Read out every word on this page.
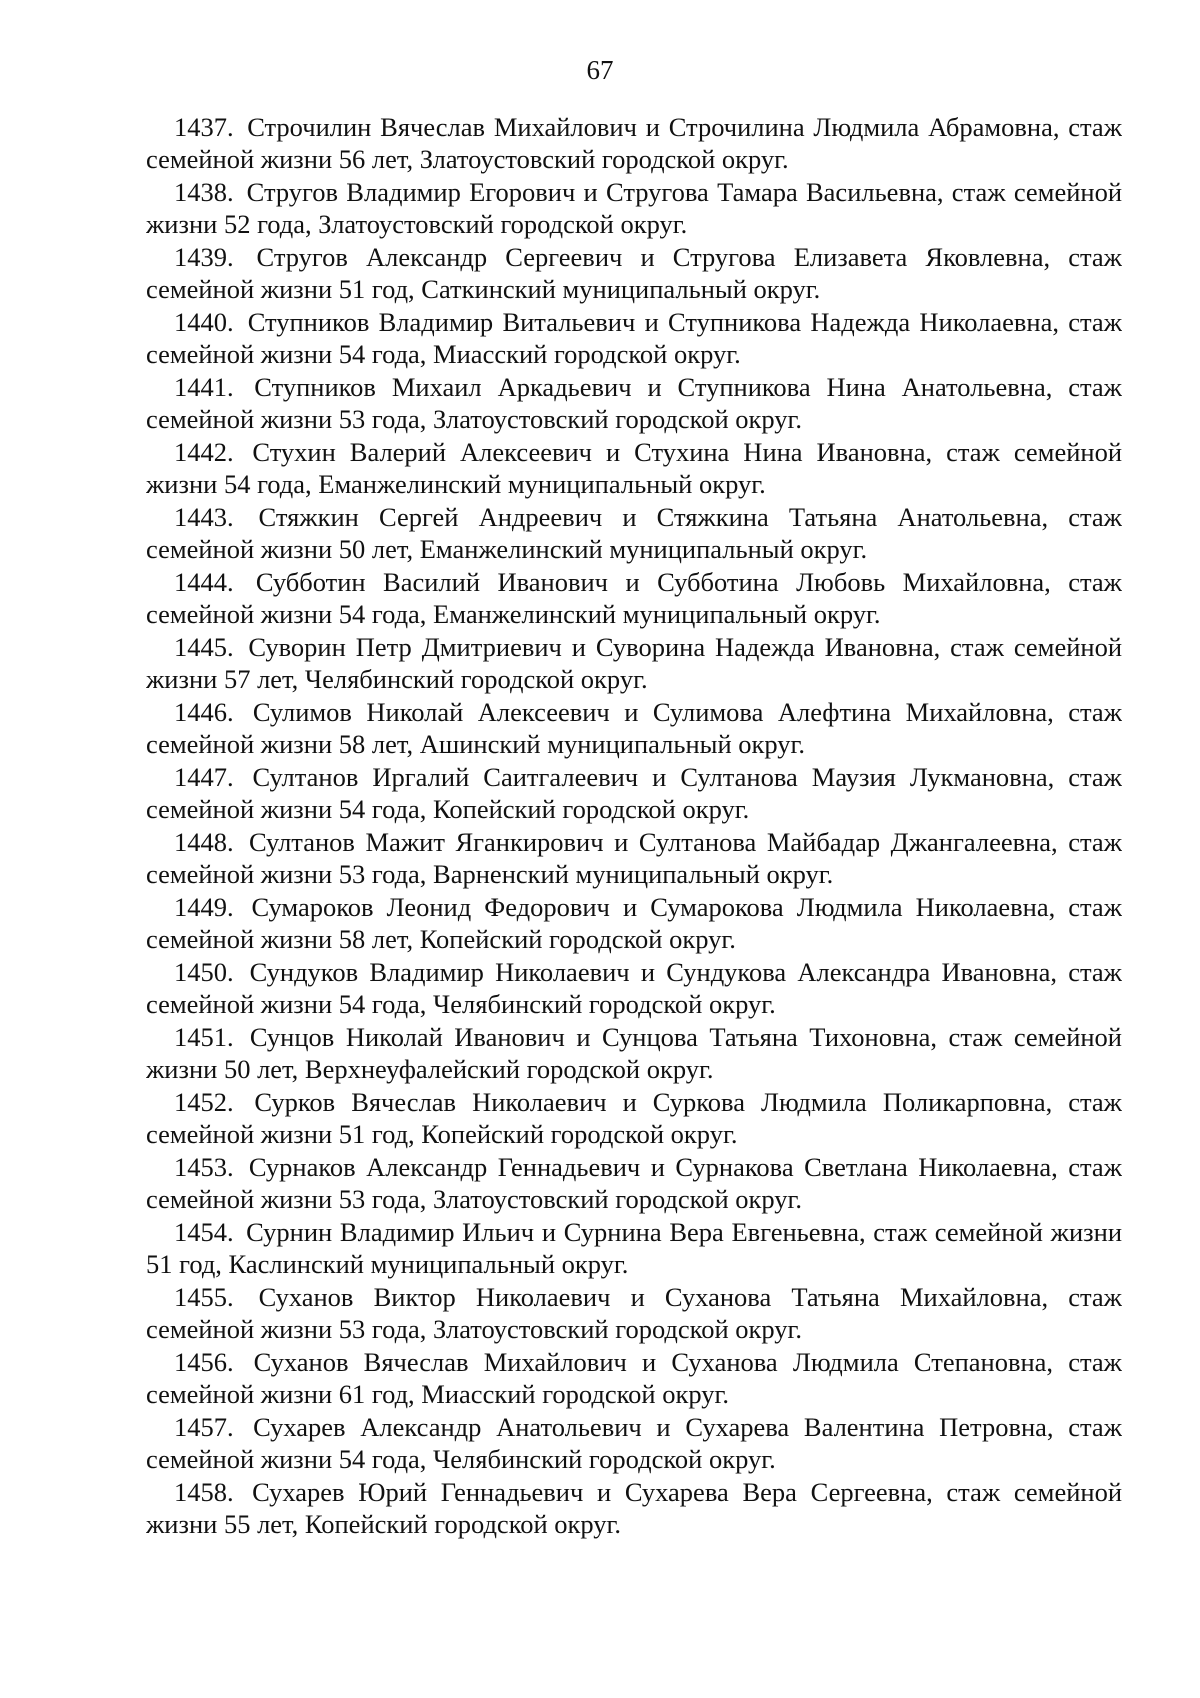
67
1437. Строчилин Вячеслав Михайлович и Строчилина Людмила Абрамовна, стаж семейной жизни 56 лет, Златоустовский городской округ.
1438. Стругов Владимир Егорович и Стругова Тамара Васильевна, стаж семейной жизни 52 года, Златоустовский городской округ.
1439. Стругов Александр Сергеевич и Стругова Елизавета Яковлевна, стаж семейной жизни 51 год, Саткинский муниципальный округ.
1440. Ступников Владимир Витальевич и Ступникова Надежда Николаевна, стаж семейной жизни 54 года, Миасский городской округ.
1441. Ступников Михаил Аркадьевич и Ступникова Нина Анатольевна, стаж семейной жизни 53 года, Златоустовский городской округ.
1442. Стухин Валерий Алексеевич и Стухина Нина Ивановна, стаж семейной жизни 54 года, Еманжелинский муниципальный округ.
1443. Стяжкин Сергей Андреевич и Стяжкина Татьяна Анатольевна, стаж семейной жизни 50 лет, Еманжелинский муниципальный округ.
1444. Субботин Василий Иванович и Субботина Любовь Михайловна, стаж семейной жизни 54 года, Еманжелинский муниципальный округ.
1445. Суворин Петр Дмитриевич и Суворина Надежда Ивановна, стаж семейной жизни 57 лет, Челябинский городской округ.
1446. Сулимов Николай Алексеевич и Сулимова Алефтина Михайловна, стаж семейной жизни 58 лет, Ашинский муниципальный округ.
1447. Султанов Иргалий Саитгалеевич и Султанова Маузия Лукмановна, стаж семейной жизни 54 года, Копейский городской округ.
1448. Султанов Мажит Яганкирович и Султанова Майбадар Джангалеевна, стаж семейной жизни 53 года, Варненский муниципальный округ.
1449. Сумароков Леонид Федорович и Сумарокова Людмила Николаевна, стаж семейной жизни 58 лет, Копейский городской округ.
1450. Сундуков Владимир Николаевич и Сундукова Александра Ивановна, стаж семейной жизни 54 года, Челябинский городской округ.
1451. Сунцов Николай Иванович и Сунцова Татьяна Тихоновна, стаж семейной жизни 50 лет, Верхнеуфалейский городской округ.
1452. Сурков Вячеслав Николаевич и Суркова Людмила Поликарповна, стаж семейной жизни 51 год, Копейский городской округ.
1453. Сурнаков Александр Геннадьевич и Сурнакова Светлана Николаевна, стаж семейной жизни 53 года, Златоустовский городской округ.
1454. Сурнин Владимир Ильич и Сурнина Вера Евгеньевна, стаж семейной жизни 51 год, Каслинский муниципальный округ.
1455. Суханов Виктор Николаевич и Суханова Татьяна Михайловна, стаж семейной жизни 53 года, Златоустовский городской округ.
1456. Суханов Вячеслав Михайлович и Суханова Людмила Степановна, стаж семейной жизни 61 год, Миасский городской округ.
1457. Сухарев Александр Анатольевич и Сухарева Валентина Петровна, стаж семейной жизни 54 года, Челябинский городской округ.
1458. Сухарев Юрий Геннадьевич и Сухарева Вера Сергеевна, стаж семейной жизни 55 лет, Копейский городской округ.
